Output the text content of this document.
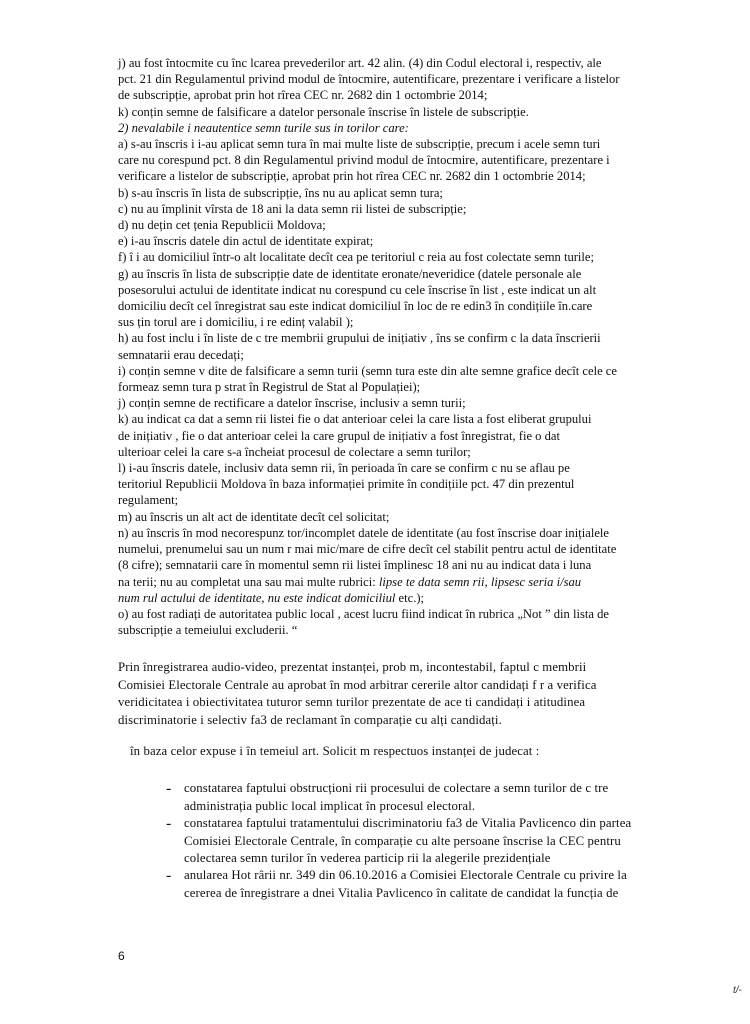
j) au fost întocmite cu înc lcarea prevederilor art. 42 alin. (4) din Codul electoral i, respectiv, ale
pct. 21 din Regulamentul privind modul de întocmire, autentificare, prezentare i verificare a listelor
de subscripție, aprobat prin hot rîrea CEC nr. 2682 din 1 octombrie 2014;
k) conțin semne de falsificare a datelor personale înscrise în listele de subscripție.
2) nevalabile i neautentice semn turile sus in torilor care:
a) s-au înscris i i-au aplicat semn tura în mai multe liste de subscripție, precum i acele semn turi
care nu corespund pct. 8 din Regulamentul privind modul de întocmire, autentificare, prezentare i
verificare a listelor de subscripție, aprobat prin hot rîrea CEC nr. 2682 din 1 octombrie 2014;
b) s-au înscris în lista de subscripție, îns nu au aplicat semn tura;
c) nu au împlinit vîrsta de 18 ani la data semn rii listei de subscripție;
d) nu dețin cet țenia Republicii Moldova;
e) i-au înscris datele din actul de identitate expirat;
f) î i au domiciliul într-o alt localitate decît cea pe teritoriul c reia au fost colectate semn turile;
g) au înscris în lista de subscripție date de identitate eronate/neveridice (datele personale ale
posesorului actului de identitate indicat nu corespund cu cele înscrise în list , este indicat un alt
domiciliu decît cel înregistrat sau este indicat domiciliul în loc de re edin3 în condițiile în.care
sus țin torul are i domiciliu, i re edinț valabil );
h) au fost inclu i în liste de c tre membrii grupului de inițiativ , îns se confirm c la data înscrierii
semnatarii erau decedați;
i) conțin semne v dite de falsificare a semn turii (semn tura este din alte semne grafice decît cele ce
formeaz semn tura p strat în Registrul de Stat al Populației);
j) conțin semne de rectificare a datelor înscrise, inclusiv a semn turii;
k) au indicat ca dat a semn rii listei fie o dat anterioar celei la care lista a fost eliberat grupului
de inițiativ , fie o dat anterioar celei la care grupul de inițiativ a fost înregistrat, fie o dat
ulterioar celei la care s-a încheiat procesul de colectare a semn turilor;
l) i-au înscris datele, inclusiv data semn rii, în perioada în care se confirm c nu se aflau pe
teritoriul Republicii Moldova în baza informației primite în condițiile pct. 47 din prezentul
regulament;
m) au înscris un alt act de identitate decît cel solicitat;
n) au înscris în mod necorespunz tor/incomplet datele de identitate (au fost înscrise doar inițialele
numelui, prenumelui sau un num r mai mic/mare de cifre decît cel stabilit pentru actul de identitate
(8 cifre); semnatarii care în momentul semn rii listei împlinesc 18 ani nu au indicat data i luna
na terii; nu au completat una sau mai multe rubrici: lipse te data semn rii, lipsesc seria i/sau
num rul actului de identitate, nu este indicat domiciliul etc.);
o) au fost radiați de autoritatea public local , acest lucru fiind indicat în rubrica „Not ” din lista de
subscripție a temeiului excluderii. “
Prin înregistrarea audio-video, prezentat instanței, prob m, incontestabil, faptul c membrii
Comisiei Electorale Centrale au aprobat în mod arbitrar cererile altor candidați f r a verifica
veridicitatea i obiectivitatea tuturor semn turilor prezentate de ace ti candidați i atitudinea
discriminatorie i selectiv fa3 de reclamant în comparație cu alți candidați.
în baza celor expuse i în temeiul art. Solicit m respectuos instanței de judecat :
- constatarea faptului obstrucționi rii procesului de colectare a semn turilor de c tre
administrația public local implicat în procesul electoral.
- constatarea faptului tratamentului discriminatoriu fa3 de Vitalia Pavlicenco din partea
Comisiei Electorale Centrale, în comparație cu alte persoane înscrise la CEC pentru
colectarea semn turilor în vederea particip rii la alegerile prezidențiale
- anularea Hot rârii nr. 349 din 06.10.2016 a Comisiei Electorale Centrale cu privire la
cererea de înregistrare a dnei Vitalia Pavlicenco în calitate de candidat la funcția de
6
t/-
